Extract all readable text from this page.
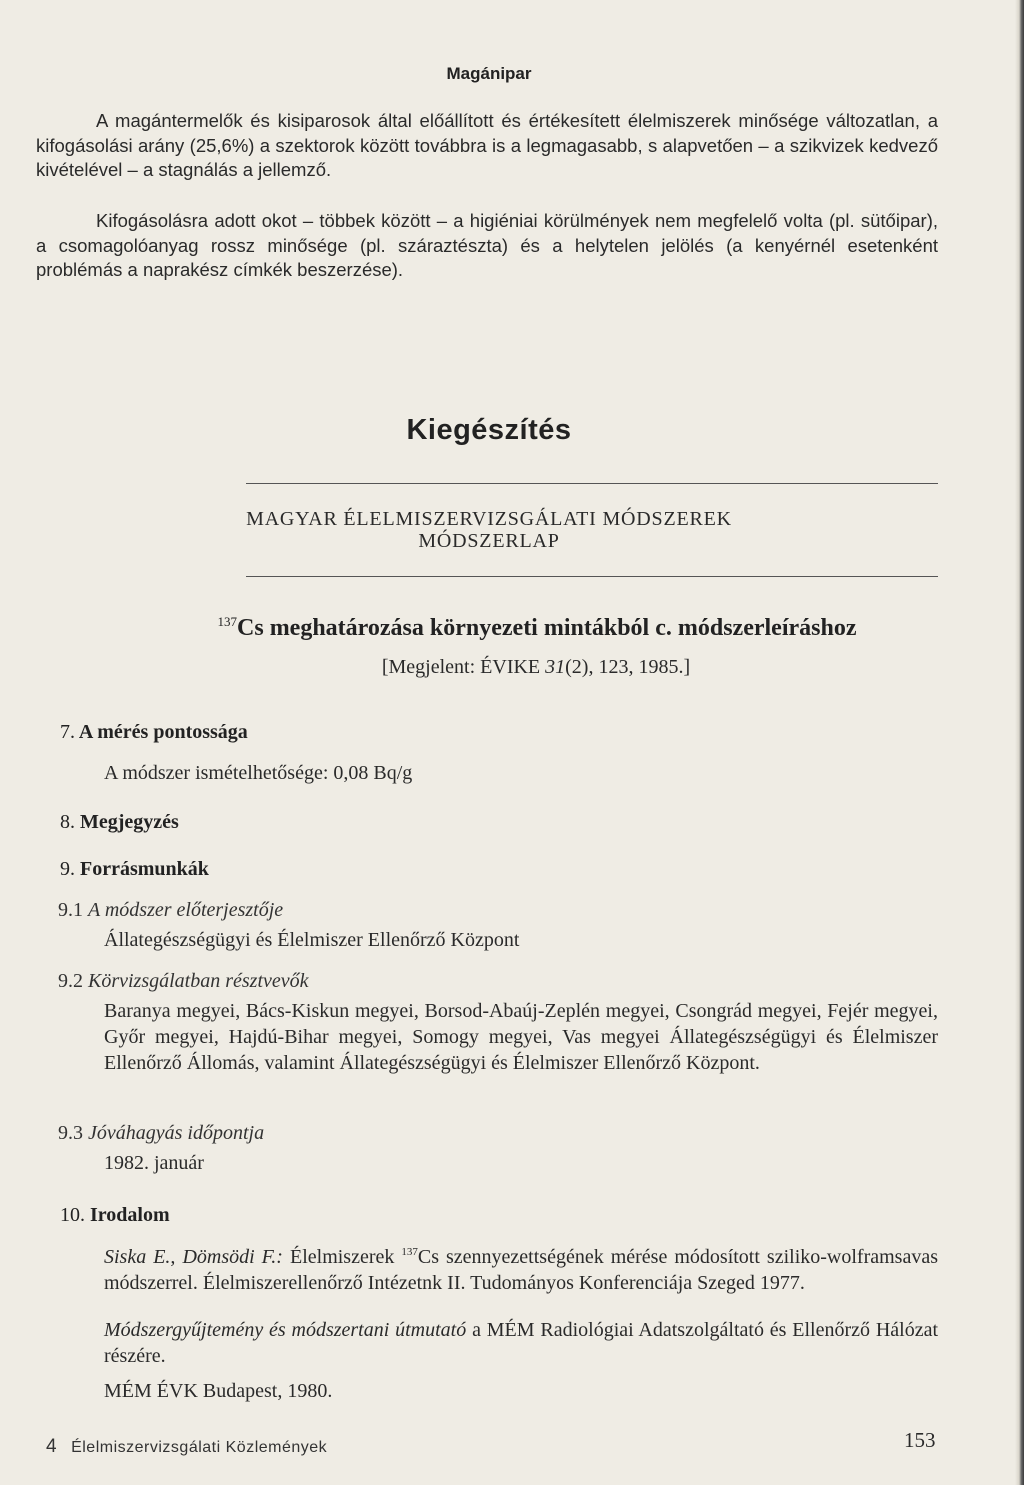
Magánipar

A magántermelők és kisiparosok által előállított és értékesített élelmiszerek minősége változatlan, a kifogásolási arány (25,6%) a szektorok között továbbra is a legmagasabb, s alapvetően – a szikvizek kedvező kivételével – a stagnálás a jellemző.

Kifogásolásra adott okot – többek között – a higiéniai körülmények nem megfelelő volta (pl. sütőipar), a csomagolóanyag rossz minősége (pl. száraztészta) és a helytelen jelölés (a kenyérnél esetenként problémás a naprakész címkék beszerzése).

Kiegészítés
MAGYAR ÉLELMISZERVIZSGÁLATI MÓDSZEREK
MÓDSZERLAP
$^{137}$Cs meghatározása környezeti mintákból c. módszerleíráshoz
[Megjelent: ÉVIKE 31(2), 123, 1985.]
7. A mérés pontossága
A módszer ismételhetősége: 0,08 Bq/g
8. Megjegyzés
9. Forrásmunkák
9.1 A módszer előterjesztője
Állategészségügyi és Élelmiszer Ellenőrző Központ
9.2 Körvizsgálatban résztvevők

Baranya megyei, Bács-Kiskun megyei, Borsod-Abaúj-Zeplén megyei, Csongrád megyei, Fejér megyei, Győr megyei, Hajdú-Bihar megyei, Somogy megyei, Vas megyei Állategészségügyi és Élelmiszer Ellenőrző Állomás, valamint Állategészségügyi és Élelmiszer Ellenőrző Központ.

9.3 Jóváhagyás időpontja
1982. január
10. Irodalom

Siska E., Dömsödi F.: Élelmiszerek $^{137}$Cs szennyezettségének mérése módosított sziliko-wolframsavas módszerrel. Élelmiszerellenőrző Intézetnk II. Tudományos Konferenciája Szeged 1977.

Módszergyűjtemény és módszertani útmutató a MÉM Radiológiai Adatszolgáltató és Ellenőrző Hálózat részére.

MÉM ÉVK Budapest, 1980.
4 Élelmiszervizsgálati Közlemények	153
